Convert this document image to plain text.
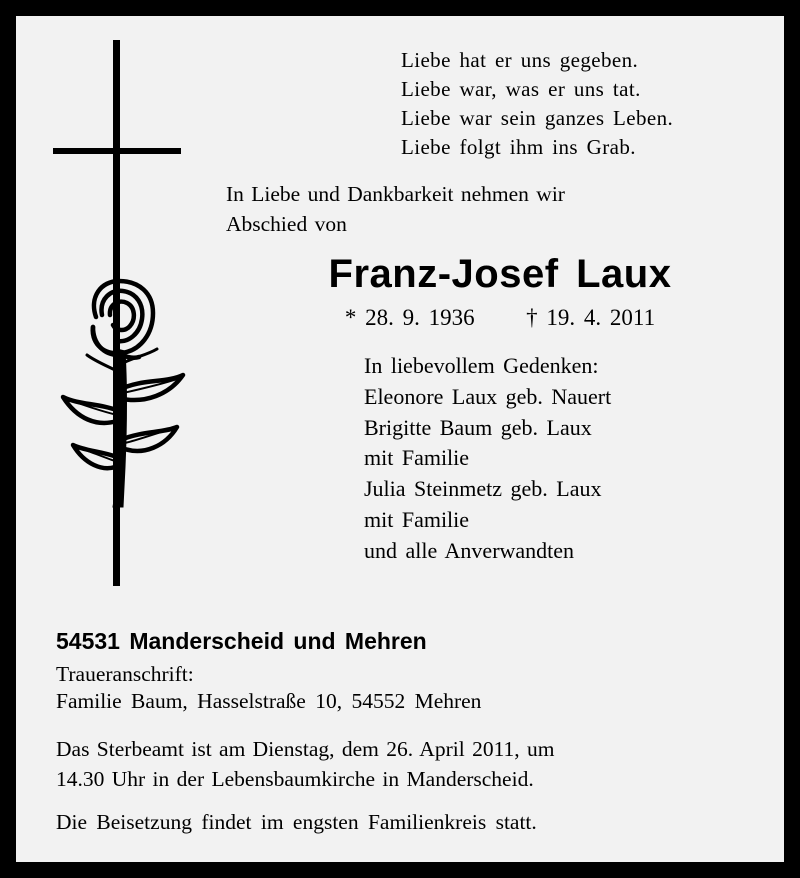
Liebe hat er uns gegeben.
Liebe war, was er uns tat.
Liebe war sein ganzes Leben.
Liebe folgt ihm ins Grab.
In Liebe und Dankbarkeit nehmen wir
Abschied von
Franz‑Josef Laux
* 28. 9. 1936 † 19. 4. 2011
In liebevollem Gedenken:
Eleonore Laux geb. Nauert
Brigitte Baum geb. Laux
mit Familie
Julia Steinmetz geb. Laux
mit Familie
und alle Anverwandten
54531 Manderscheid und Mehren
Traueranschrift:
Familie Baum, Hasselstraße 10, 54552 Mehren
Das Sterbeamt ist am Dienstag, dem 26. April 2011, um
14.30 Uhr in der Lebensbaumkirche in Manderscheid.
Die Beisetzung findet im engsten Familienkreis statt.
